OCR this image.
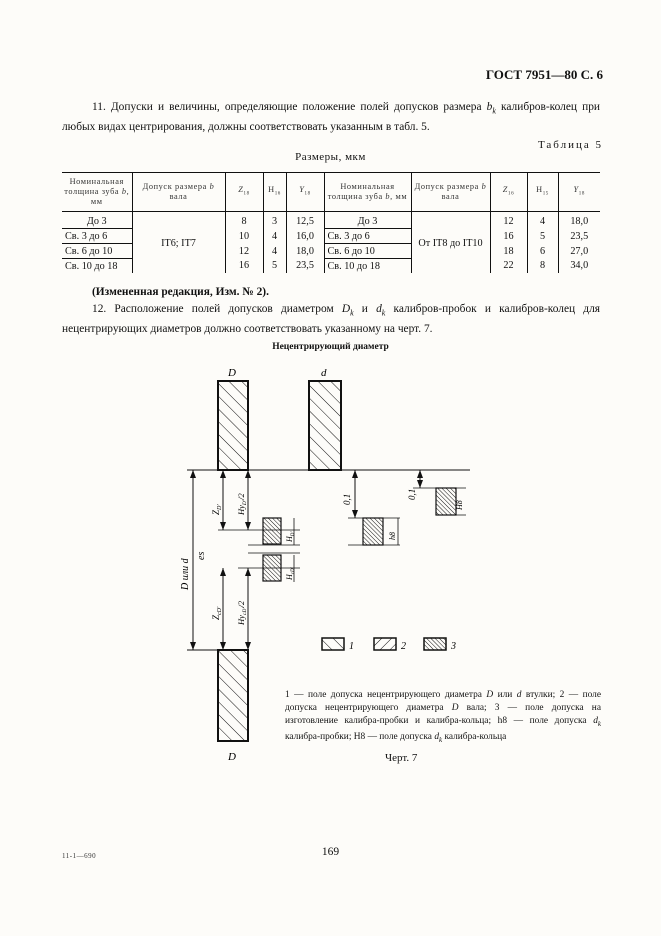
ГОСТ 7951—80 С. 6
11. Допуски и величины, определяющие положение полей допусков размера $b_k$ калибров-колец при любых видах центрирования, должны соответствовать указанным в табл. 5.
Таблица 5
Размеры, мкм
Номинальная толщина зуба b, мм	Допуск размера b вала	$Z_{18}$	$H_{16}$	$Y_{18}$	Номинальная толщина зуба b, мм	Допуск размера b вала	$Z_{16}$	$H_{15}$	$Y_{18}$
До 3	IT6; IT7	8	3	12,5	До 3	От IT8 до IT10	12	4	18,0
Св. 3 до 6		10	4	16,0	Св. 3 до 6		16	5	23,5
Св. 6 до 10		12	4	18,0	Св. 6 до 10		18	6	27,0
Св. 10 до 18		16	5	23,5	Св. 10 до 18		22	8	34,0
(Измененная редакция, Изм. № 2).
12. Расположение полей допусков диаметром $D_k$ и $d_k$ калибров-пробок и калибров-колец для нецентрирующих диаметров должно соответствовать указанному на черт. 7.
Нецентрирующий диаметр
D	d
D
D или d
es
$Z_{D'}$ $Hy_{D'}/2$
$H_{D'}$
$H_{сD'}$
$Z_{сD'}$
$Hy_{сD'}/2$
0,1
h8
0,1
H8
1	2	3
1 — поле допуска нецентрирующего диаметра D или d втулки; 2 — поле допуска нецентрирующего диаметра D вала; 3 — поле допуска на изготовление калибра-пробки и калибра-кольца; h8 — поле допуска $d_k$ калибра-пробки; H8 — поле допуска $d_k$ калибра-кольца
Черт. 7
169
11-1—690
